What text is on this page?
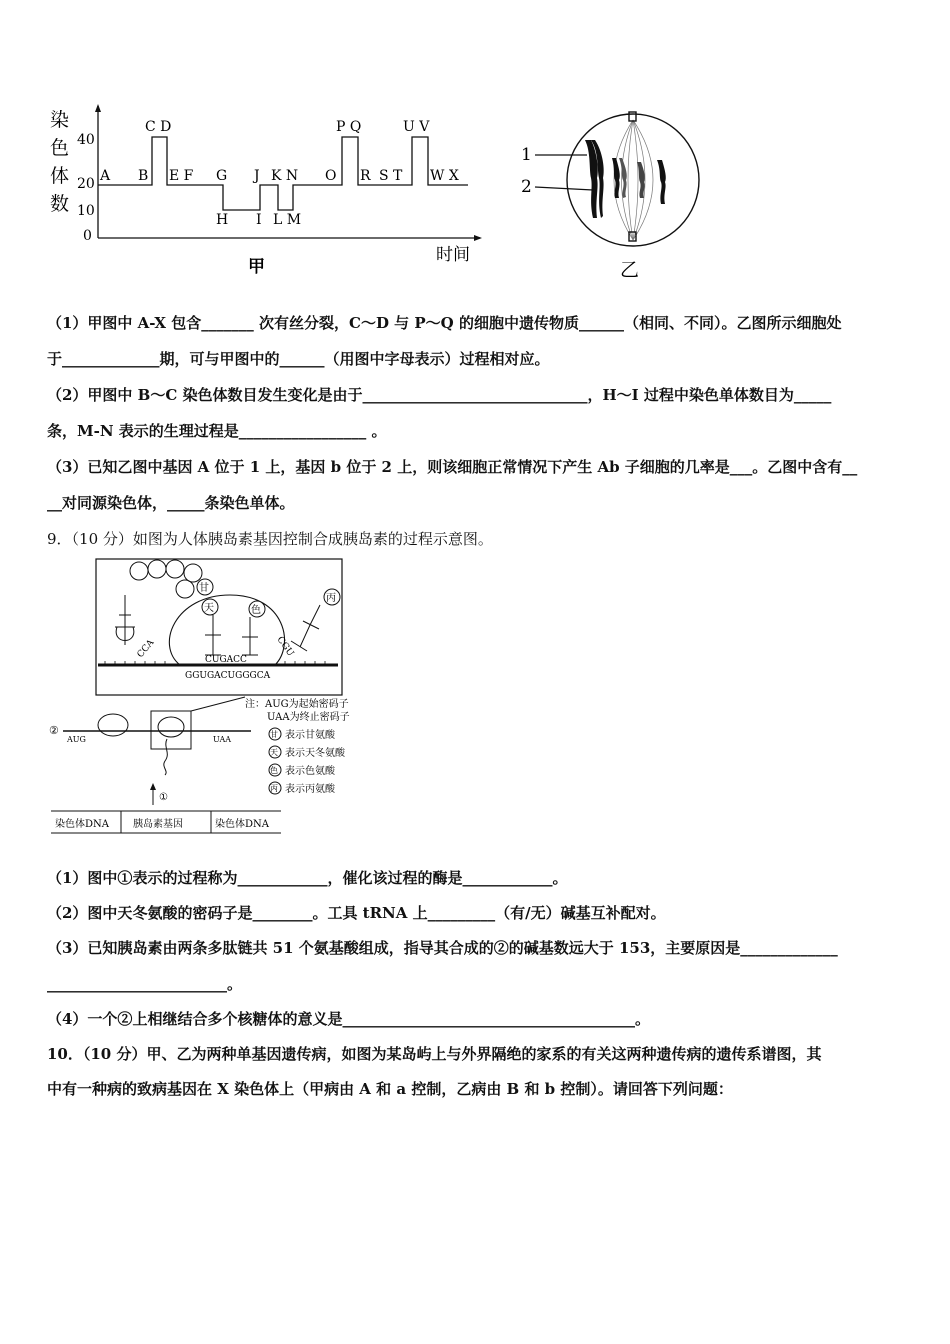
染
色
体
数
40
20
10
0
时间
A B
C D
E F G
H
J
I
K N
L M
O
P Q
R S T
U V
W X
甲
1
2
乙
（1）甲图中 A-X 包含_______ 次有丝分裂，C～D 与 P～Q 的细胞中遗传物质______（相同、不同）。乙图所示细胞处
于_____________期，可与甲图中的______（用图中字母表示）过程相对应。
（2）甲图中 B～C 染色体数目发生变化是由于______________________________，H～I 过程中染色单体数目为_____
条，M-N 表示的生理过程是_________________ 。
（3）已知乙图中基因 A 位于 1 上，基因 b 位于 2 上，则该细胞正常情况下产生 Ab 子细胞的几率是___。乙图中含有__
__对同源染色体，_____条染色单体。
9．（10 分）如图为人体胰岛素基因控制合成胰岛素的过程示意图。
甘
天	色
丙
CCA	CGU
CUGACC
GGUGACUGGGCA
②
AUG	UAA
①
染色体DNA 胰岛素基因	染色体DNA
注：AUG为起始密码子
UAA为终止密码子
甘 表示甘氨酸
天 表示天冬氨酸
色 表示色氨酸
丙 表示丙氨酸
（1）图中①表示的过程称为____________，催化该过程的酶是____________。
（2）图中天冬氨酸的密码子是________。工具 tRNA 上_________（有/无）碱基互补配对。
（3）已知胰岛素由两条多肽链共 51 个氨基酸组成，指导其合成的②的碱基数远大于 153，主要原因是_____________
________________________。
（4）一个②上相继结合多个核糖体的意义是_______________________________________。
10．（10 分）甲、乙为两种单基因遗传病，如图为某岛屿上与外界隔绝的家系的有关这两种遗传病的遗传系谱图，其
中有一种病的致病基因在 X 染色体上（甲病由 A 和 a 控制，乙病由 B 和 b 控制）。请回答下列问题：
